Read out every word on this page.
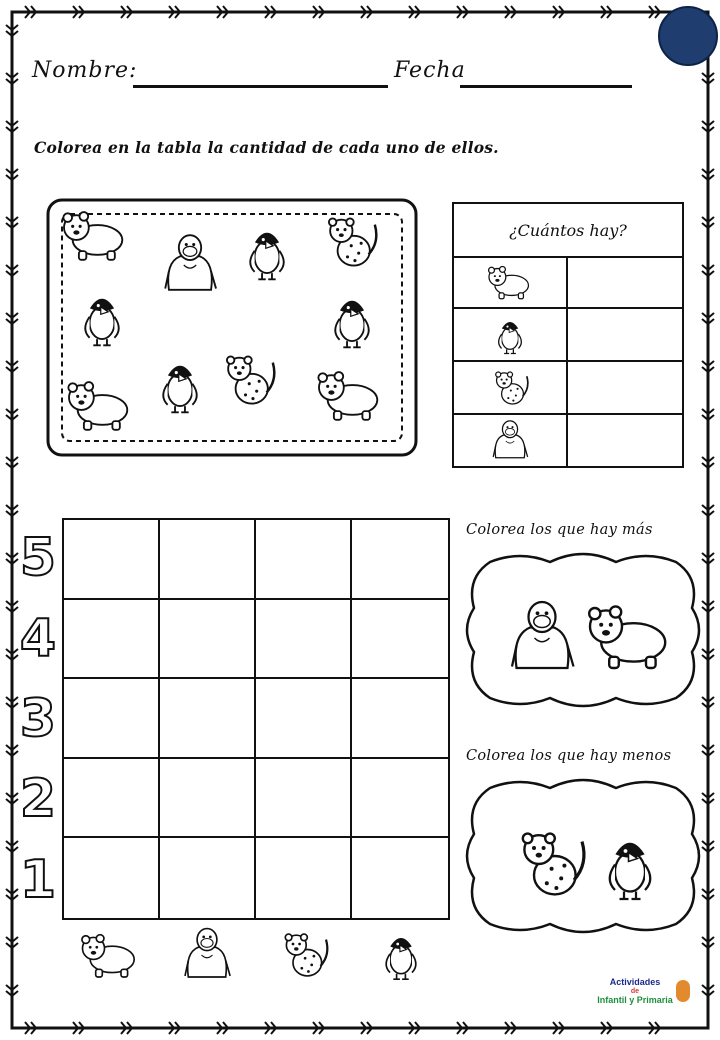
Nombre:	Fecha
Colorea en la tabla la cantidad de cada uno de ellos.
¿Cuántos hay?
5
4
3
2
1
Colorea los que hay más
Colorea los que hay menos
Actividades
de
Infantil y Primaria
